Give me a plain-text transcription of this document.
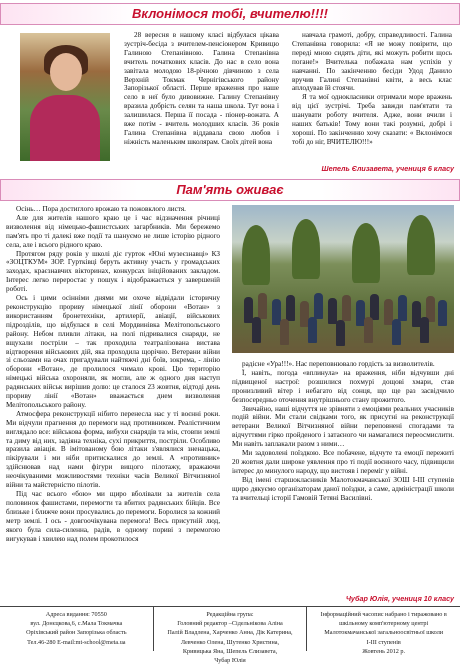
Вклонімося тобі, вчителю!!!!

28 вересня в нашому класі відбулася цікава зустріч-бесіда з вчителем-пенсіонером Кривицю Галиною Степанівною. Галина Степанівна вчитель початкових класів. До нас в село вона завітала молодою 18-річною дівчиною з села Верхній Токмак Чернігівського району Запорізької області. Перше враження про наше село в неї було дивовижне. Галину Степанівну вразила добрість селян та наша школа. Тут вона і залишилася. Перша її посада - піонер-вожата. А вже потім - вчитель молодших класів. 36 років Галина Степанівна віддавала свою любов і ніжність маленьким школярам. Своїх дітей вона

навчала грамоті, добру, справедливості. Галина Степанівна говорила: «Я не можу повірити, що переді мною сидять діти, які можуть робити щось погане!» Вчителька побажала нам успіхів у навчанні. По закінченню бесіди Удод Данило вручив Галині Степанівні квіти, а весь клас аплодував їй стоячи.

Я та мої однокласники отримали море вражень від цієї зустрічі. Треба завжди пам'ятати та шанувати роботу вчителя. Адже, вони вчили і наших батьків! Тому вони такі розумні, добрі і хороші. По закінченню хочу сказати: « Вклонімося тобі до ніг, ВЧИТЕЛЮ!!!»

Шепель Єлизавета, учениця 6 класу
Пам'ять оживає

Осінь… Пора достиглого врожаю та пожовклого листя.

Але для жителів нашого краю це і час відзначення річниці визволення від німецько-фашистських загарбників. Ми бережемо пам'ять про ті далекі вже події та шануємо не лише історію рідного села, але і всього рідного краю.

Протягом ряду років у школі діє гурток «Юні музеєзнавці» КЗ «ЗОЦТКУМ» ЗОР. Гуртківці беруть активну участь у громадських заходах, краєзнавчих вікторинах, конкурсах ініційованих закладом. Інтерес легко переростає у пошук і відображається у завершеній роботі.

Ось і цими осінніми днями ми охоче відвідали історичну реконструкцію прориву німецької лінії оборони «Вотан» з використанням бронетехніки, артилерії, авіації, військових підрозділів, що відбулася в селі Мордвинівка Мелітопольського району. Небом пливли літаки, на полі підривалися снаряди, не вщухали постріли – так проходила театралізована вистава відтворення військових дій, яка проходила щорічно. Ветерани війни зі сльозами на очах пригадували найтяжчі дні боїв, зокрема, - лінію оборони «Вотан», де пролилося чимало крові. Цю територію німецькі війська охороняли, як могли, але ж одного дня наступ радянських військ вирішив долю: це сталося 23 жовтня, відтоді день прориву лінії «Вотан» вважається днем визволення Мелітопольського району.

Атмосфера реконструкції нібито перенесла нас у ті воєнні роки. Ми відчули прагнення до перемоги над противником. Реалістичним виглядало все: військова форма, вибухи снарядів та мін, стовпи землі та диму від них, задіяна техніка, сухі прикриття, постріли. Особливо вразила авіація. В імітованому бою літаки з'являлися зненацька, пікірували і ми ніби притискалися до землі. А «противник» здійснював над нами фігури вищого пілотажу, вражаючи неочікуваними можливостями техніки часів Великої Вітчизняної війни та майстерністю пілотів.

Під час всього «бою» ми щиро вболівали за жителів села половинок фашистами, перемогти та вбитих радянських бійців. Все близьке і ближче вони просувались до перемоги. Боролися за кожний метр землі. І ось - довгоочікувана перемога! Весь присутній люд, якого була сила-силенна, радів, в одному пориві з перемогою вигукував і хвилею над полем прокотилося

радісне «Ура!!!». Нас переповнювало гордість за визволителів.

Ї, навіть, погода «вплинула» на враження, ніби відчувши дні підвищеної настрої: розшилися похмурі дощові хмари, став пронизливий вітер і небагато від сонця, що ще раз засвідчило безпосередньо оточення внутрішнього стану прожитого.

Звичайно, наші відчуття не зрівняти з емоціями реальних учасників подій війни. Ми стали свідками того, як присутні на реконструкції ветерани Великої Вітчизняної війни переповнені спогадами та відчуттями гірко пройденого і затаєного чи намагалися переосмислити. Ми навіть заплакали разом з ними…

Ми задоволені поїздкою. Все побачене, відчуте та емоції пережиті 20 жовтня дали широке уявлення про ті події воєнного часу, підвищили інтерес до минулого народу, що вистояв і переміг у війні.

Від імені старшокласників Малотокмачанської ЗОШ І-ІІІ ступенів щиро дякуємо організаторам даної поїздки, а саме, адміністрації школи та вчительці історії Гамовій Тетяні Василівні.

Чубар Юлія, учениця 10 класу
Адреса видання: 70550
вул. Донєцкова,6, с.Мала Токмачка
Оріхівський район Запорізька область
Тел.46-280 E-mail:mt-school@meta.ua
Редакційна група:
Головний редактор –Сідельнікова Аліна
Палій Владлена, Харченко Анна, Дік Катерина,
Левченко Олена, Шутенко Христина,
Кривицька Яна, Шепель Єлизавета,
Чубар Юлія
Інформаційний часопис набрано і тиражовано в
шкільному комп'ютерному центрі
Малотокмачанської загальноосвітньої школи
І-ІІІ ступенів
Жовтень 2012 р.
